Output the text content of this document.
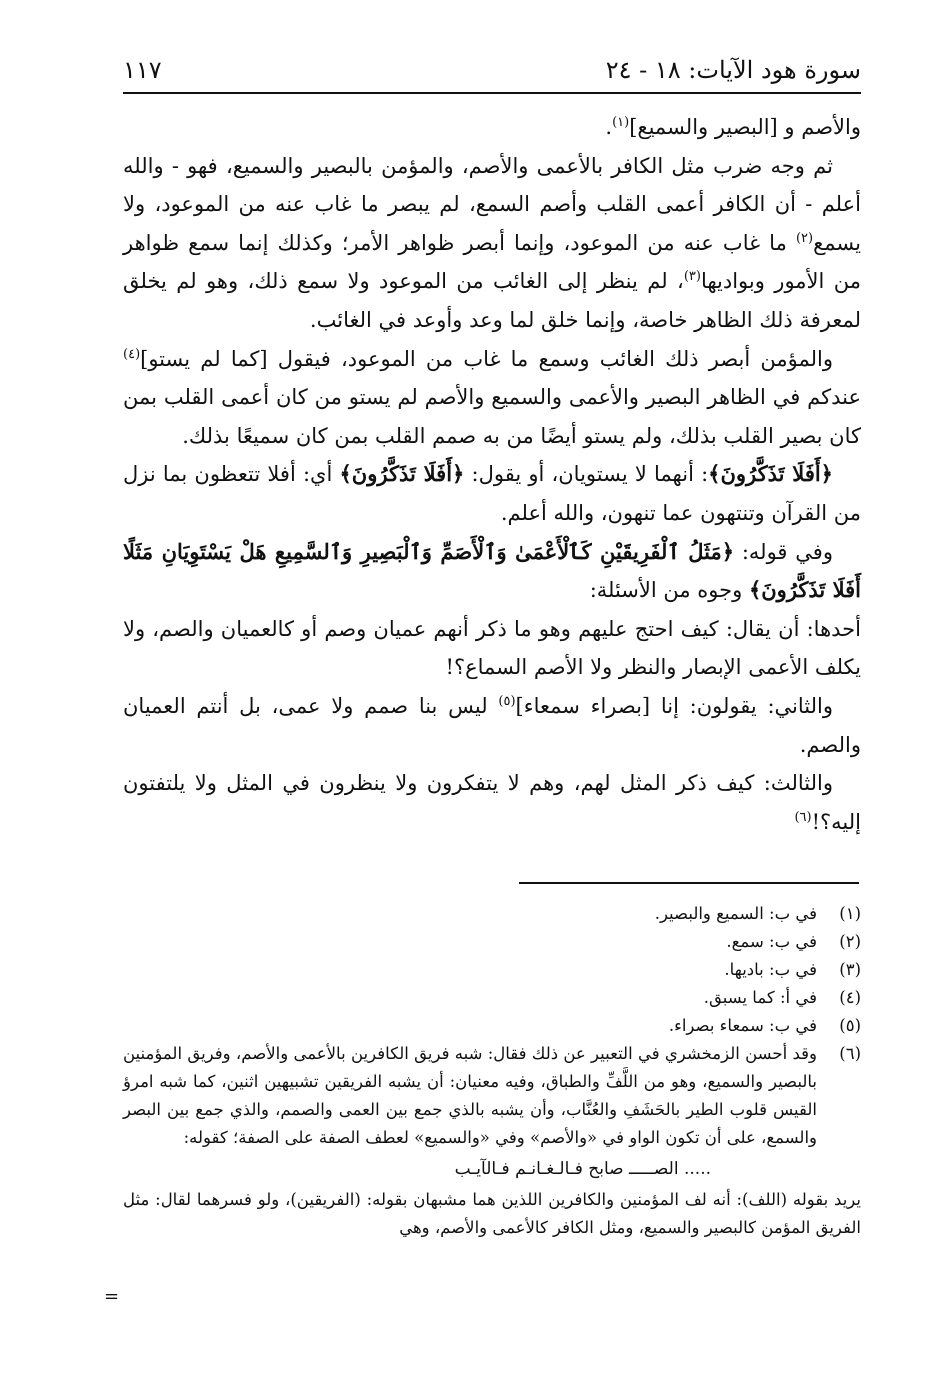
سورة هود الآيات: ١٨ - ٢٤
١١٧

والأصم و [البصير والسميع]$^{(١)}$.

ثم وجه ضرب مثل الكافر بالأعمى والأصم، والمؤمن بالبصير والسميع، فهو - والله أعلم - أن الكافر أعمى القلب وأصم السمع، لم يبصر ما غاب عنه من الموعود، ولا يسمع$^{(٢)}$ ما غاب عنه من الموعود، وإنما أبصر ظواهر الأمر؛ وكذلك إنما سمع ظواهر من الأمور وبواديها$^{(٣)}$، لم ينظر إلى الغائب من الموعود ولا سمع ذلك، وهو لم يخلق لمعرفة ذلك الظاهر خاصة، وإنما خلق لما وعد وأوعد في الغائب.

والمؤمن أبصر ذلك الغائب وسمع ما غاب من الموعود، فيقول [كما لم يستو]$^{(٤)}$ عندكم في الظاهر البصير والأعمى والسميع والأصم لم يستو من كان أعمى القلب بمن كان بصير القلب بذلك، ولم يستو أيضًا من به صمم القلب بمن كان سميعًا بذلك.

﴿أَفَلَا تَذَكَّرُونَ﴾: أنهما لا يستويان، أو يقول: ﴿أَفَلَا تَذَكَّرُونَ﴾ أي: أفلا تتعظون بما نزل من القرآن وتنتهون عما تنهون، والله أعلم.

وفي قوله: ﴿مَثَلُ ٱلْفَرِيقَيْنِ كَٱلْأَعْمَىٰ وَٱلْأَصَمِّ وَٱلْبَصِيرِ وَٱلسَّمِيعِ هَلْ يَسْتَوِيَانِ مَثَلًا أَفَلَا تَذَكَّرُونَ﴾ وجوه من الأسئلة:

أحدها: أن يقال: كيف احتج عليهم وهو ما ذكر أنهم عميان وصم أو كالعميان والصم، ولا يكلف الأعمى الإبصار والنظر ولا الأصم السماع؟!

والثاني: يقولون: إنا [بصراء سمعاء]$^{(٥)}$ ليس بنا صمم ولا عمى، بل أنتم العميان والصم.

والثالث: كيف ذكر المثل لهم، وهم لا يتفكرون ولا ينظرون في المثل ولا يلتفتون إليه؟!$^{(٦)}$

(١)
في ب: السميع والبصير.
(٢)
في ب: سمع.
(٣)
في ب: باديها.
(٤)
في أ: كما يسبق.
(٥)
في ب: سمعاء بصراء.
(٦)
وقد أحسن الزمخشري في التعبير عن ذلك فقال: شبه فريق الكافرين بالأعمى والأصم، وفريق المؤمنين بالبصير والسميع، وهو من اللَّفِّ والطباق، وفيه معنيان: أن يشبه الفريقين تشبيهين اثنين، كما شبه امرؤ القيس قلوب الطير بالحَشَفِ والعُنَّاب، وأن يشبه بالذي جمع بين العمى والصمم، والذي جمع بين البصر والسمع، على أن تكون الواو في «والأصم» وفي «والسميع» لعطف الصفة على الصفة؛ كقوله:
..... الصـــــ صابح فـالـغـانـم فـالآيـب
يريد بقوله (اللف): أنه لف المؤمنين والكافرين اللذين هما مشبهان بقوله: (الفريقين)، ولو فسرهما لقال: مثل الفريق المؤمن كالبصير والسميع، ومثل الكافر كالأعمى والأصم، وهي
=
